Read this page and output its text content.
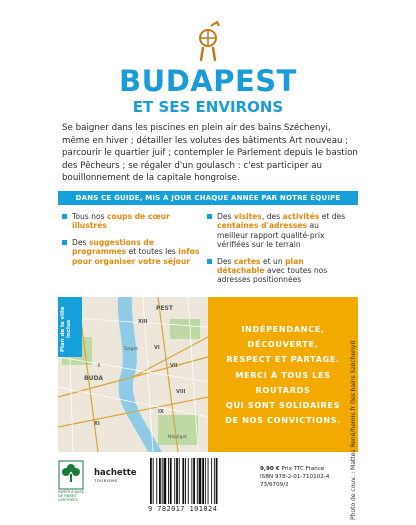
BUDAPEST
ET SES ENVIRONS
Se baigner dans les piscines en plein air des bains Széchenyi, même en hiver ; détailler les volutes des bâtiments Art nouveau ; parcourir le quartier juif ; contempler le Parlement depuis le bastion des Pêcheurs ; se régaler d'un goulasch : c'est participer au bouillonnement de la capitale hongroise.
DANS CE GUIDE, MIS À JOUR CHAQUE ANNÉE PAR NOTRE ÉQUIPE
Tous nos coups de cœur illustrés
Des suggestions de programmes et toutes les infos pour organiser votre séjour
Des visites, des activités et des centaines d'adresses au meilleur rapport qualité-prix vérifiées sur le terrain
Des cartes et un plan détachable avec toutes nos adresses positionnées
Plan de la ville inclus
PEST
XIII
BUDA
VI
VII
VIII
IX
I
XI
Sziget
Népliget
INDÉPENDANCE,
DÉCOUVERTE,
RESPECT ET PARTAGE.
MERCI À TOUS LES ROUTARDS
QUI SONT SOLIDAIRES
DE NOS CONVICTIONS.	Photo de couv. : Mattes René/hemis.fr (les bains Széchenyi)
PAPIER À BASE DE FIBRES CERTIFIÉES
hachette
TOURISME
9 782017 101024
9,90 € Prix TTC France
ISBN 978-2-01-710102-4
73/6709/2
